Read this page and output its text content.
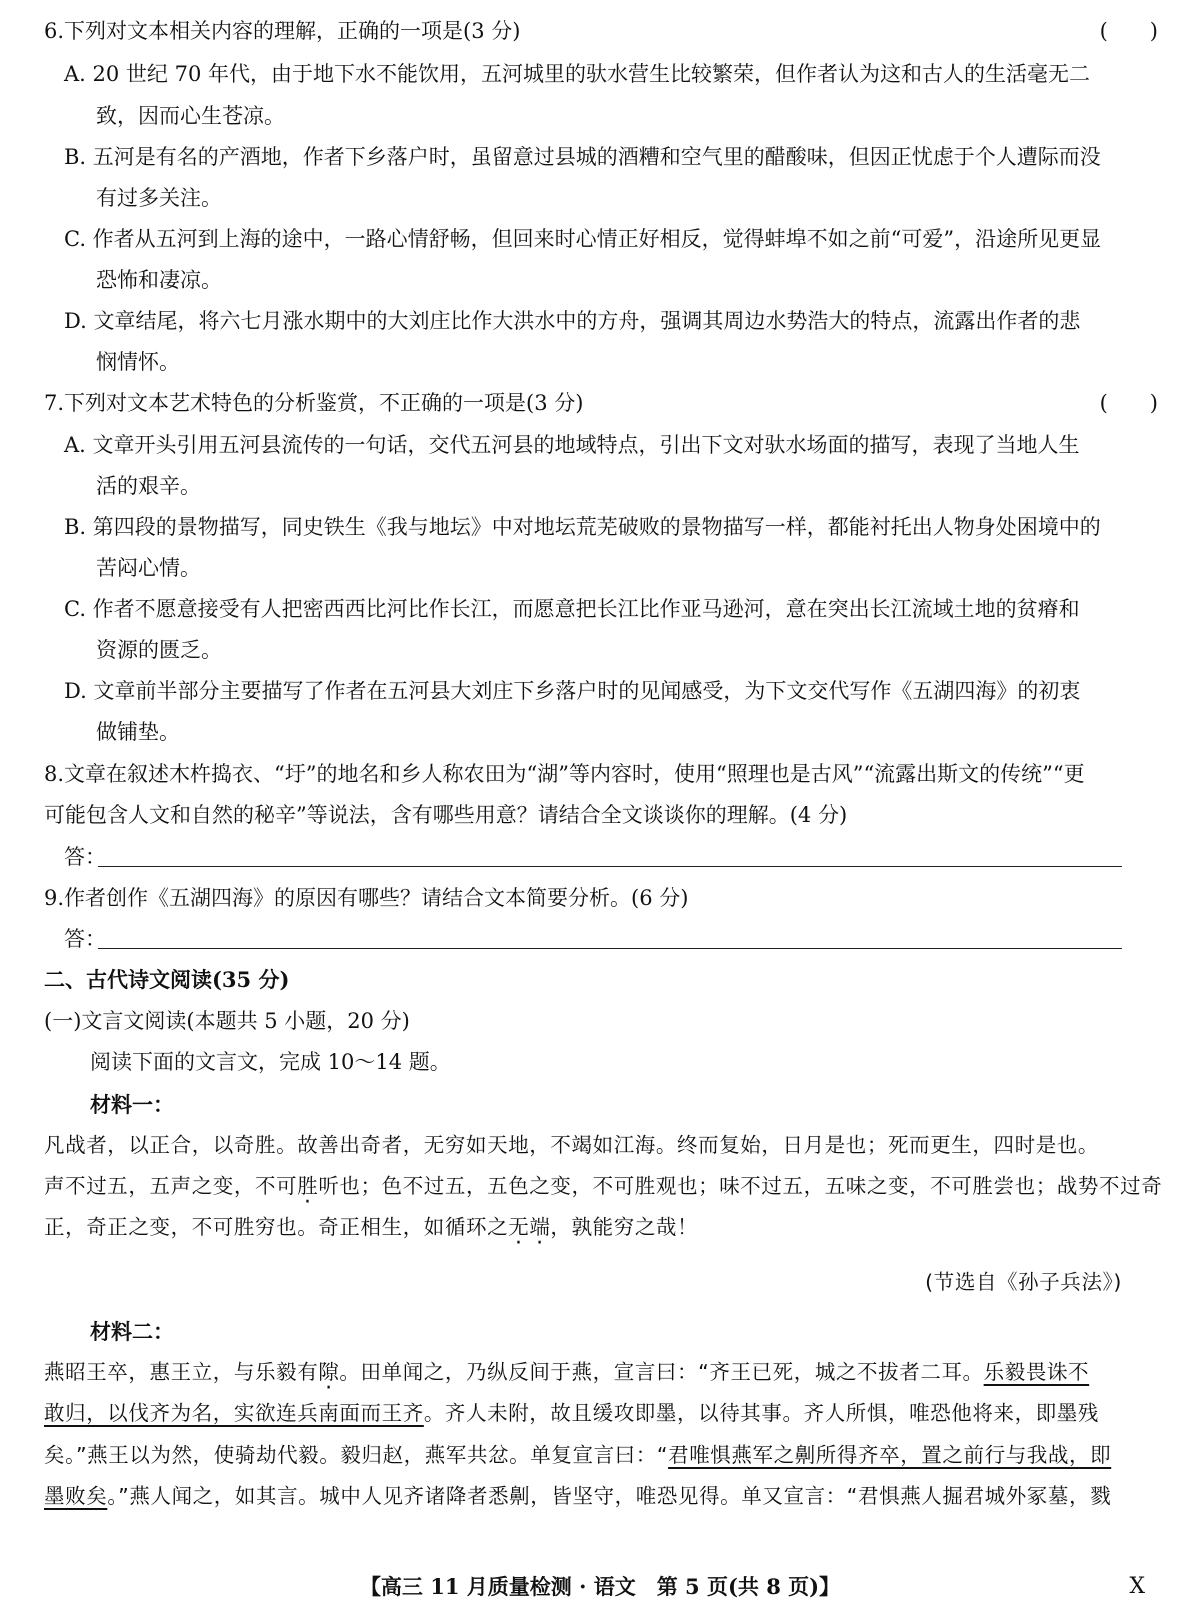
6.下列对文本相关内容的理解，正确的一项是(3 分)	(　　)
A. 20 世纪 70 年代，由于地下水不能饮用，五河城里的驮水营生比较繁荣，但作者认为这和古人的生活毫无二
致，因而心生苍凉。
B. 五河是有名的产酒地，作者下乡落户时，虽留意过县城的酒糟和空气里的醋酸味，但因正忧虑于个人遭际而没
有过多关注。
C. 作者从五河到上海的途中，一路心情舒畅，但回来时心情正好相反，觉得蚌埠不如之前“可爱”，沿途所见更显
恐怖和凄凉。
D. 文章结尾，将六七月涨水期中的大刘庄比作大洪水中的方舟，强调其周边水势浩大的特点，流露出作者的悲
悯情怀。
7.下列对文本艺术特色的分析鉴赏，不正确的一项是(3 分)	(　　)
A. 文章开头引用五河县流传的一句话，交代五河县的地域特点，引出下文对驮水场面的描写，表现了当地人生
活的艰辛。
B. 第四段的景物描写，同史铁生《我与地坛》中对地坛荒芜破败的景物描写一样，都能衬托出人物身处困境中的
苦闷心情。
C. 作者不愿意接受有人把密西西比河比作长江，而愿意把长江比作亚马逊河，意在突出长江流域土地的贫瘠和
资源的匮乏。
D. 文章前半部分主要描写了作者在五河县大刘庄下乡落户时的见闻感受，为下文交代写作《五湖四海》的初衷
做铺垫。
8.文章在叙述木杵捣衣、“圩”的地名和乡人称农田为“湖”等内容时，使用“照理也是古风”“流露出斯文的传统”“更
可能包含人文和自然的秘辛”等说法，含有哪些用意？请结合全文谈谈你的理解。(4 分)
答：
9.作者创作《五湖四海》的原因有哪些？请结合文本简要分析。(6 分)
答：
二、古代诗文阅读(35 分)
(一)文言文阅读(本题共 5 小题，20 分)
阅读下面的文言文，完成 10～14 题。
材料一：
凡战者，以正合，以奇胜。故善出奇者，无穷如天地，不竭如江海。终而复始，日月是也；死而更生，四时是也。
声不过五，五声之变，不可胜听也；色不过五，五色之变，不可胜观也；味不过五，五味之变，不可胜尝也；战势不过奇
正，奇正之变，不可胜穷也。奇正相生，如循环之无端，孰能穷之哉！
(节选自《孙子兵法》)
材料二：
燕昭王卒，惠王立，与乐毅有隙。田单闻之，乃纵反间于燕，宣言曰：“齐王已死，城之不拔者二耳。乐毅畏诛不
敢归，以伐齐为名，实欲连兵南面而王齐。齐人未附，故且缓攻即墨，以待其事。齐人所惧，唯恐他将来，即墨残
矣。”燕王以为然，使骑劫代毅。毅归赵，燕军共忿。单复宣言曰：“君唯惧燕军之劓所得齐卒，置之前行与我战，即
墨败矣。”燕人闻之，如其言。城中人见齐诸降者悉劓，皆坚守，唯恐见得。单又宣言：“君惧燕人掘君城外冢墓，戮
【高三 11 月质量检测 · 语文　第 5 页(共 8 页)】	X
